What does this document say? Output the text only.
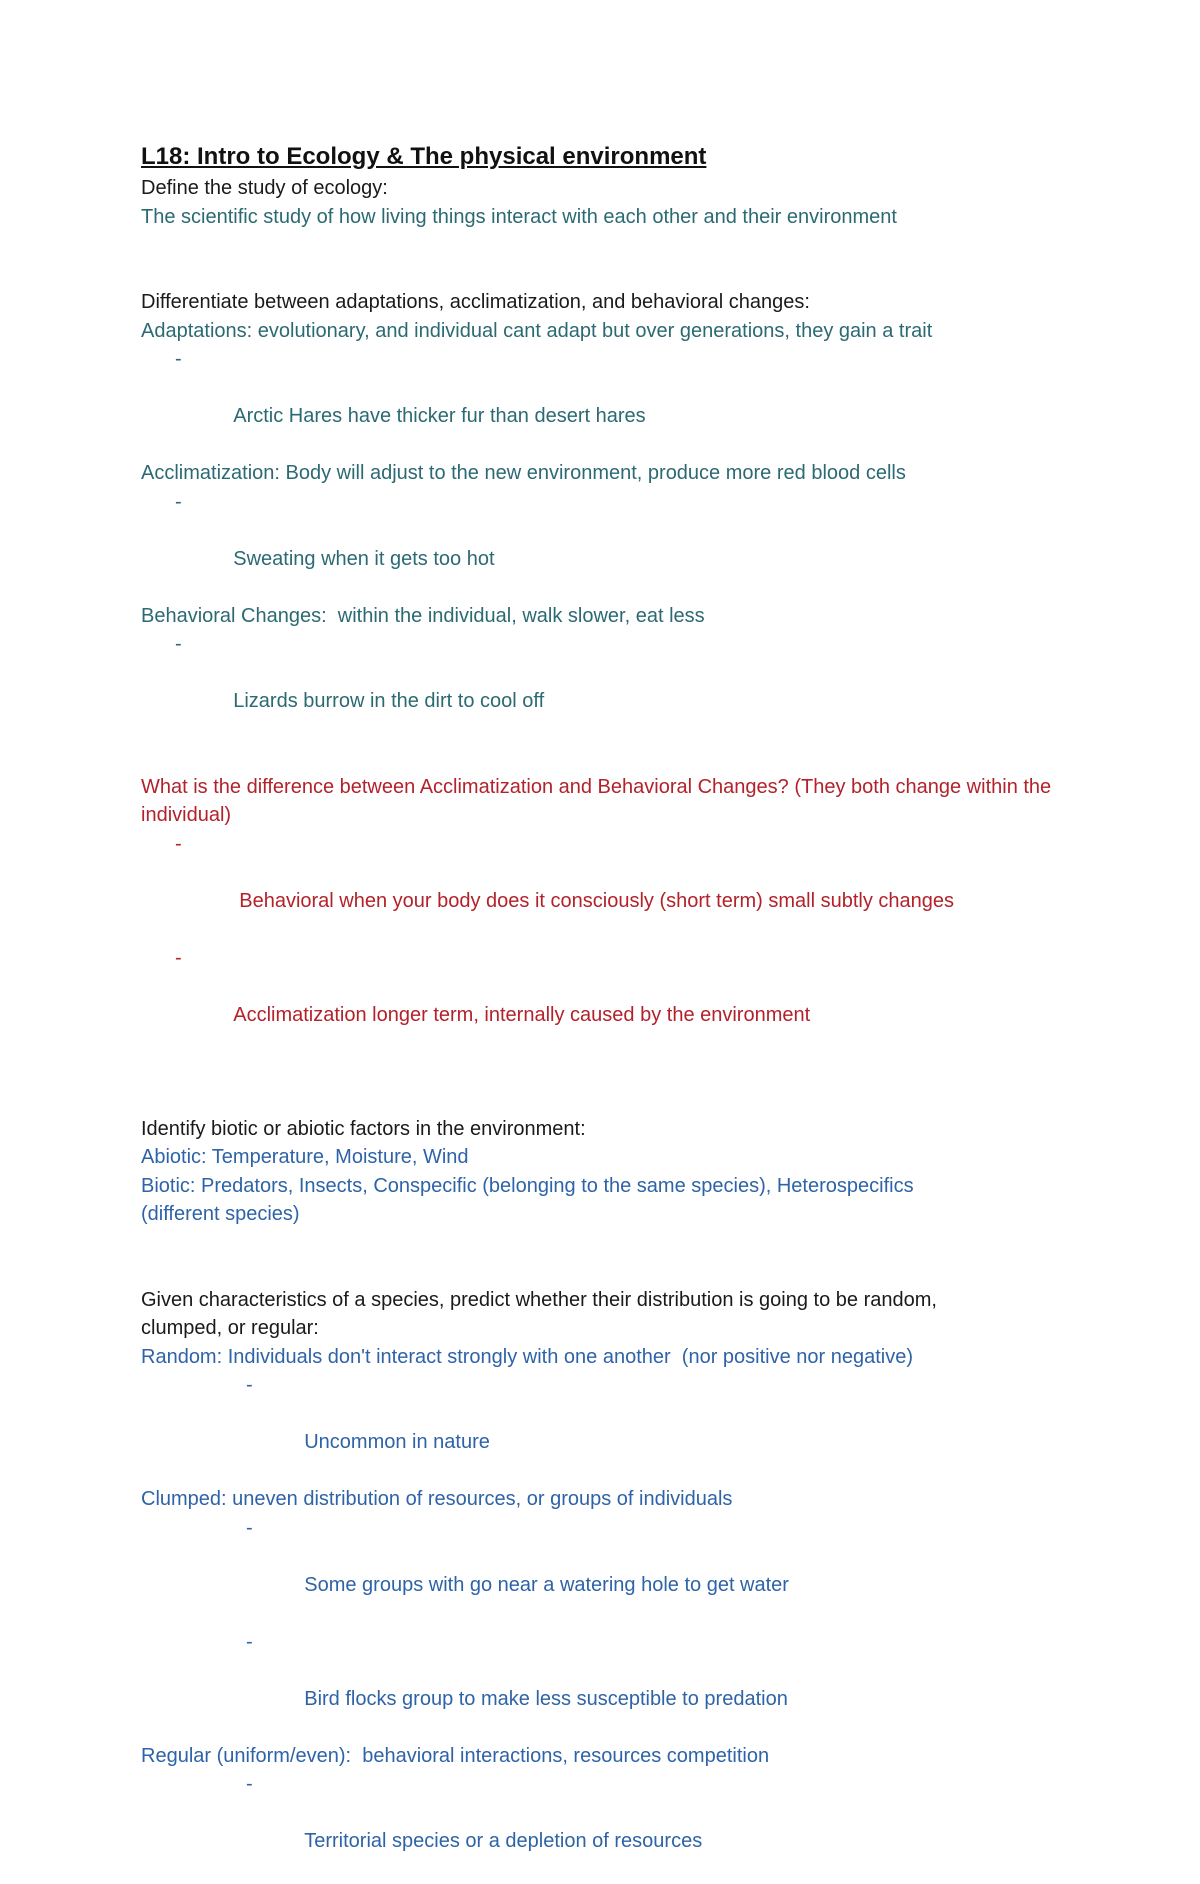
L18: Intro to Ecology & The physical environment

Define the study of ecology:

The scientific study of how living things interact with each other and their environment

Differentiate between adaptations, acclimatization, and behavioral changes:

Adaptations: evolutionary, and individual cant adapt but over generations, they gain a trait

-

Arctic Hares have thicker fur than desert hares

Acclimatization: Body will adjust to the new environment, produce more red blood cells

-

Sweating when it gets too hot

Behavioral Changes:  within the individual, walk slower, eat less

-

Lizards burrow in the dirt to cool off

What is the difference between Acclimatization and Behavioral Changes? (They both change within the individual)

-

Behavioral when your body does it consciously (short term) small subtly changes

-

Acclimatization longer term, internally caused by the environment

Identify biotic or abiotic factors in the environment:

Abiotic: Temperature, Moisture, Wind

Biotic: Predators, Insects, Conspecific (belonging to the same species), Heterospecifics (different species)

Given characteristics of a species, predict whether their distribution is going to be random, clumped, or regular:

Random: Individuals don't interact strongly with one another  (nor positive nor negative)

-

Uncommon in nature

Clumped: uneven distribution of resources, or groups of individuals

-

Some groups with go near a watering hole to get water

-

Bird flocks group to make less susceptible to predation

Regular (uniform/even):  behavioral interactions, resources competition

-

Territorial species or a depletion of resources
